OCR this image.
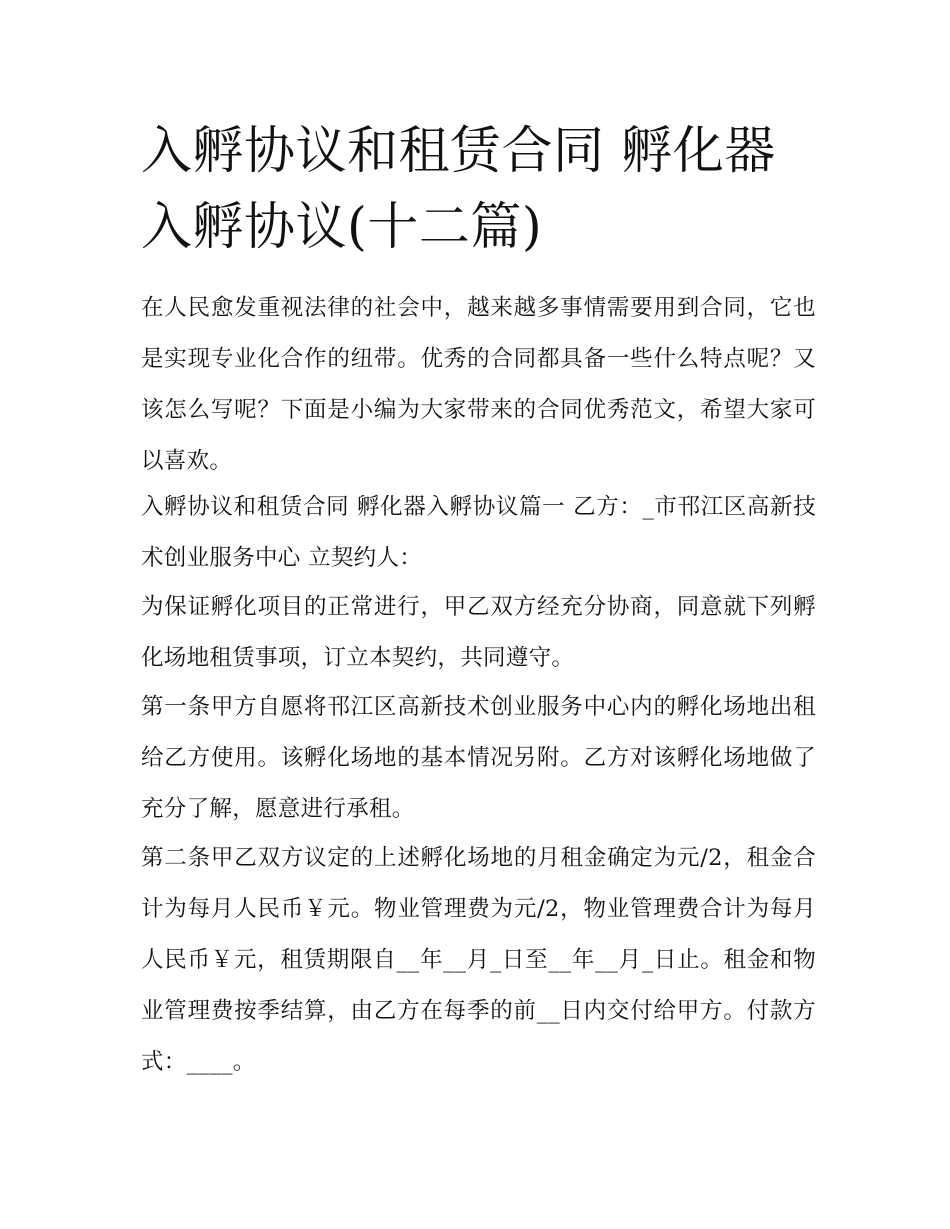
入孵协议和租赁合同 孵化器入孵协议(十二篇)

在人民愈发重视法律的社会中，越来越多事情需要用到合同，它也是实现专业化合作的纽带。优秀的合同都具备一些什么特点呢？又该怎么写呢？下面是小编为大家带来的合同优秀范文，希望大家可以喜欢。

入孵协议和租赁合同 孵化器入孵协议篇一 乙方：_市邗江区高新技术创业服务中心 立契约人：

为保证孵化项目的正常进行，甲乙双方经充分协商，同意就下列孵化场地租赁事项，订立本契约，共同遵守。

第一条甲方自愿将邗江区高新技术创业服务中心内的孵化场地出租给乙方使用。该孵化场地的基本情况另附。乙方对该孵化场地做了充分了解，愿意进行承租。

第二条甲乙双方议定的上述孵化场地的月租金确定为元/2，租金合计为每月人民币￥元。物业管理费为元/2，物业管理费合计为每月人民币￥元，租赁期限自__年__月_日至__年__月_日止。租金和物业管理费按季结算，由乙方在每季的前__日内交付给甲方。付款方式：____。
